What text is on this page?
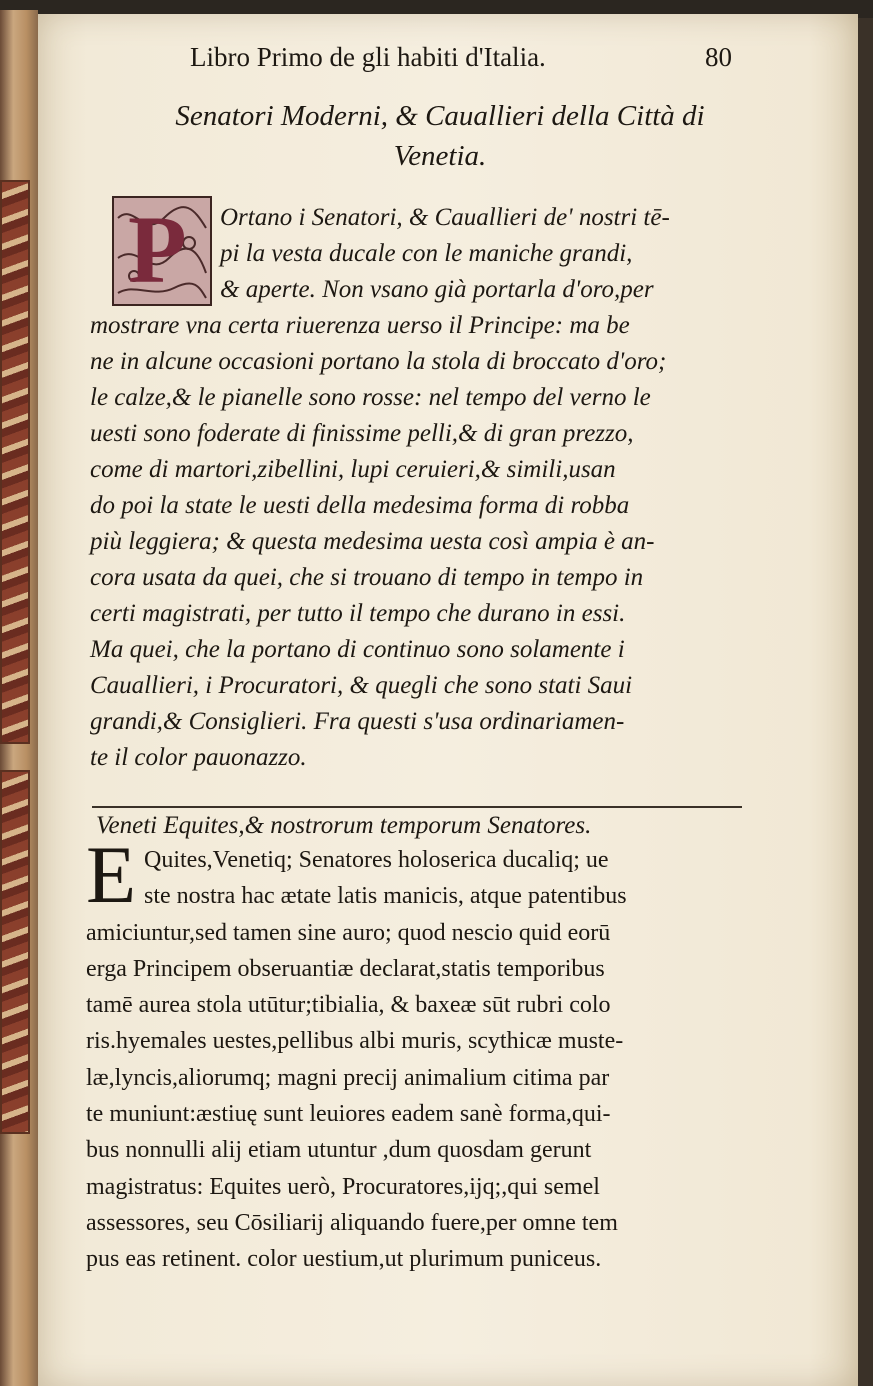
Libro Primo de gli habiti d'Italia.	80
Senatori Moderni, & Cauallieri della Città di
Venetia.
P	Ortano i Senatori, & Cauallieri de' nostri tē-
pi la vesta ducale con le maniche grandi,
& aperte. Non vsano già portarla d'oro,per
mostrare vna certa riuerenza uerso il Principe: ma be
ne in alcune occasioni portano la stola di broccato d'oro;
le calze,& le pianelle sono rosse: nel tempo del verno le
uesti sono foderate di finissime pelli,& di gran prezzo,
come di martori,zibellini, lupi ceruieri,& simili,usan
do poi la state le uesti della medesima forma di robba
più leggiera; & questa medesima uesta così ampia è an-
cora usata da quei, che si trouano di tempo in tempo in
certi magistrati, per tutto il tempo che durano in essi.
Ma quei, che la portano di continuo sono solamente i
Cauallieri, i Procuratori, & quegli che sono stati Saui
grandi,& Consiglieri. Fra questi s'usa ordinariamen-
te il color pauonazzo.
Veneti Equites,& nostrorum temporum Senatores.
E Quites,Venetiq; Senatores holoserica ducaliq; ue
ste nostra hac ætate latis manicis, atque patentibus
amiciuntur,sed tamen sine auro; quod nescio quid eorū
erga Principem obseruantiæ declarat,statis temporibus
tamē aurea stola utūtur;tibialia, & baxeæ sūt rubri colo
ris.hyemales uestes,pellibus albi muris, scythicæ muste-
læ,lyncis,aliorumq; magni precij animalium citima par
te muniunt:æstiuę sunt leuiores eadem sanè forma,qui-
bus nonnulli alij etiam utuntur ,dum quosdam gerunt
magistratus: Equites uerò, Procuratores,ijq;,qui semel
assessores, seu Cōsiliarij aliquando fuere,per omne tem
pus eas retinent. color uestium,ut plurimum puniceus.
